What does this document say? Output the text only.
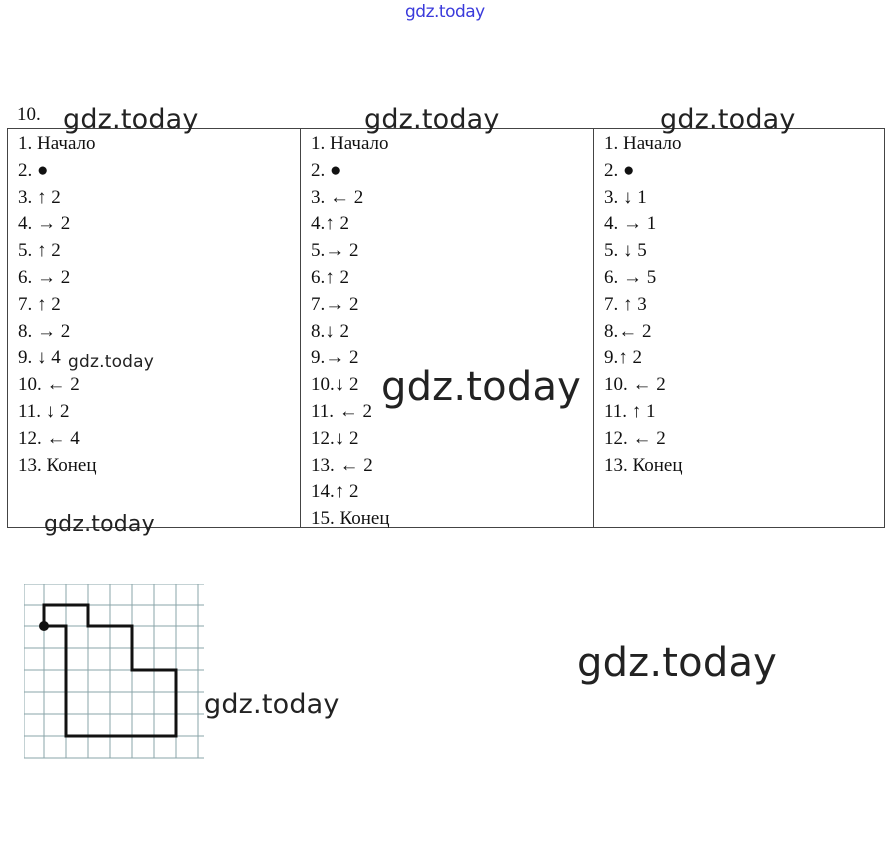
gdz.today
10.
1. Начало
2. ●
3. ↑ 2
4. → 2
5. ↑ 2
6. → 2
7. ↑ 2
8. → 2
9. ↓ 4
10. ← 2
11. ↓ 2
12. ← 4
13. Конец
1. Начало
2. ●
3. ← 2
4.↑ 2
5.→ 2
6.↑ 2
7.→ 2
8.↓ 2
9.→ 2
10.↓ 2
11. ← 2
12.↓ 2
13. ← 2
14.↑ 2
15. Конец
1. Начало
2. ●
3. ↓ 1
4. → 1
5. ↓ 5
6. → 5
7. ↑ 3
8.← 2
9.↑ 2
10. ← 2
11. ↑ 1
12. ← 2
13. Конец
gdz.today	gdz.today	gdz.today
gdz.today
gdz.today
gdz.today
gdz.today
gdz.today
